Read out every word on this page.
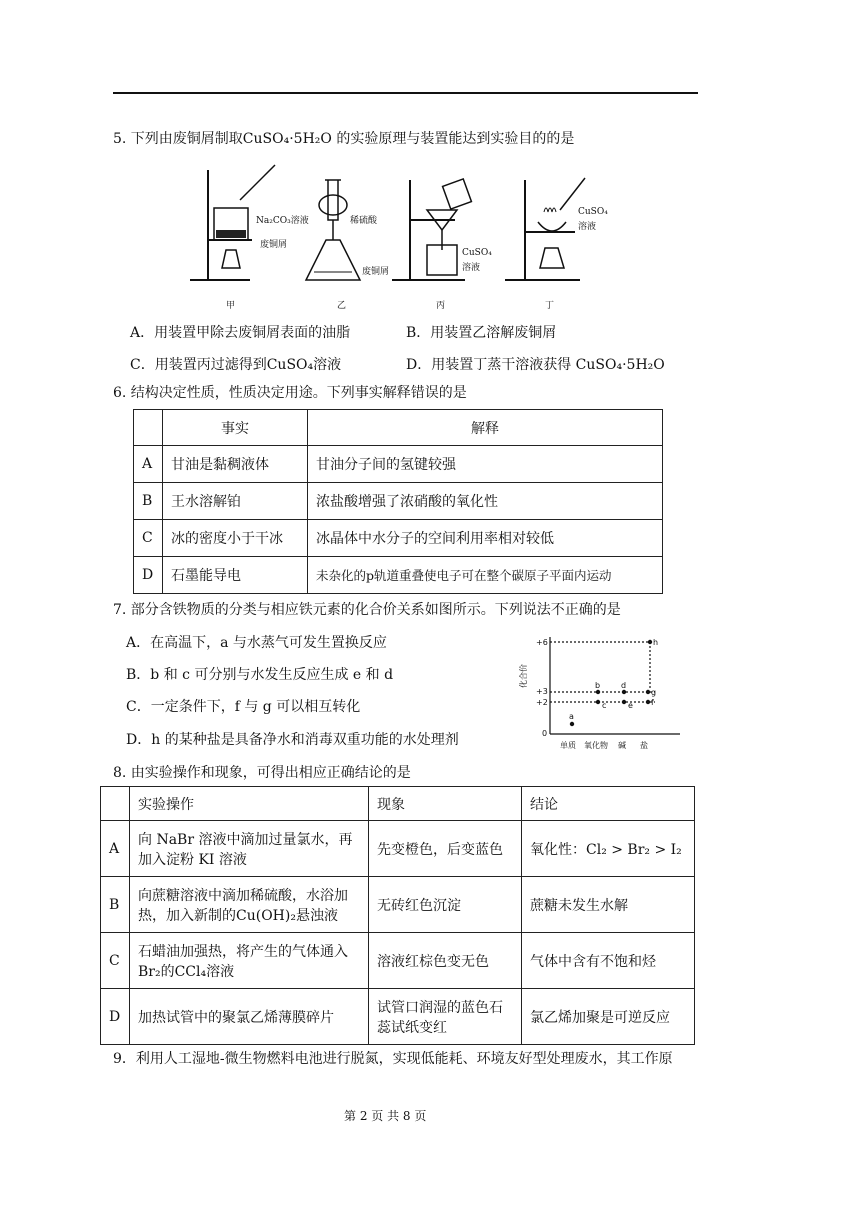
5. 下列由废铜屑制取CuSO₄·5H₂O 的实验原理与装置能达到实验目的的是
Na₂CO₃溶液
废铜屑
稀硫酸
废铜屑
CuSO₄
溶液
CuSO₄
溶液
甲	乙	丙	丁
A．用装置甲除去废铜屑表面的油脂	B．用装置乙溶解废铜屑
C．用装置丙过滤得到CuSO₄溶液	D．用装置丁蒸干溶液获得 CuSO₄·5H₂O
6. 结构决定性质，性质决定用途。下列事实解释错误的是
	事实	解释
A	甘油是黏稠液体	甘油分子间的氢键较强
B	王水溶解铂	浓盐酸增强了浓硝酸的氧化性
C	冰的密度小于干冰	冰晶体中水分子的空间利用率相对较低
D	石墨能导电	未杂化的p轨道重叠使电子可在整个碳原子平面内运动
7. 部分含铁物质的分类与相应铁元素的化合价关系如图所示。下列说法不正确的是
A．在高温下，a 与水蒸气可发生置换反应
B．b 和 c 可分别与水发生反应生成 e 和 d
C．一定条件下，f 与 g 可以相互转化
D．h 的某种盐是具备净水和消毒双重功能的水处理剂
+6
+3
+2
0
h
a
b	d
g
f
c	e
单质 氧化物 碱 盐
化合价
8. 由实验操作和现象，可得出相应正确结论的是
	实验操作	现象	结论
A	向 NaBr 溶液中滴加过量氯水，再加入淀粉 KI 溶液	先变橙色，后变蓝色	氧化性：Cl₂ > Br₂ > I₂
B	向蔗糖溶液中滴加稀硫酸，水浴加热，加入新制的Cu(OH)₂悬浊液	无砖红色沉淀	蔗糖未发生水解
C	石蜡油加强热，将产生的气体通入Br₂的CCl₄溶液	溶液红棕色变无色	气体中含有不饱和烃
D	加热试管中的聚氯乙烯薄膜碎片	试管口润湿的蓝色石蕊试纸变红	氯乙烯加聚是可逆反应
9．利用人工湿地-微生物燃料电池进行脱氮，实现低能耗、环境友好型处理废水，其工作原
第 2 页 共 8 页
